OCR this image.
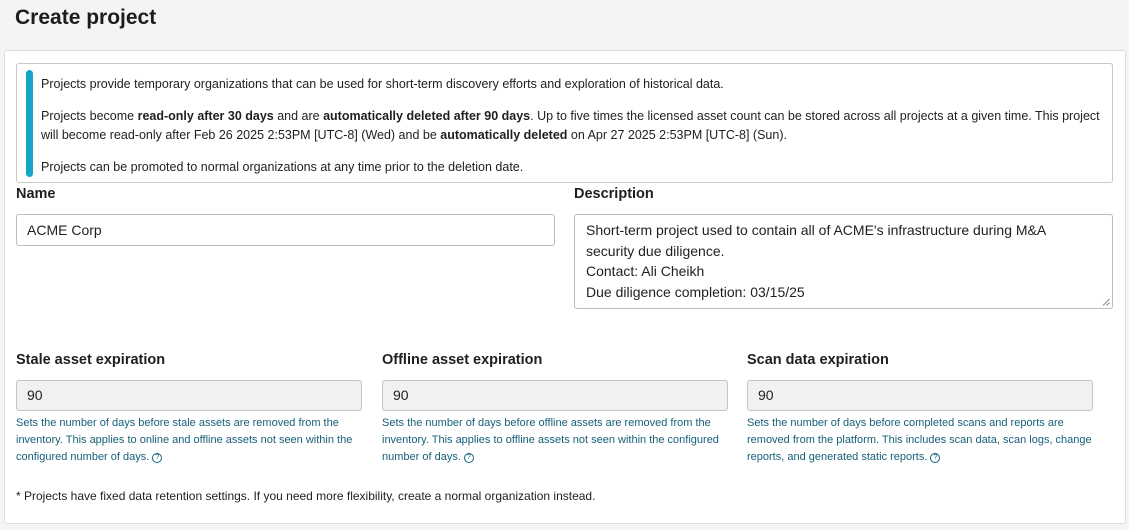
Create project

Projects provide temporary organizations that can be used for short-term discovery efforts and exploration of historical data.

Projects become read-only after 30 days and are automatically deleted after 90 days. Up to five times the licensed asset count can be stored across all projects at a given time. This project will become read-only after Feb 26 2025 2:53PM [UTC-8] (Wed) and be automatically deleted on Apr 27 2025 2:53PM [UTC-8] (Sun).

Projects can be promoted to normal organizations at any time prior to the deletion date.

Name
ACME Corp
Description
Short-term project used to contain all of ACME's infrastructure during M&A
security due diligence.
Contact: Ali Cheikh
Due diligence completion: 03/15/25
Stale asset expiration
90
Sets the number of days before stale assets are removed from the inventory. This applies to online and offline assets not seen within the configured number of days. ?
Offline asset expiration
90
Sets the number of days before offline assets are removed from the inventory. This applies to offline assets not seen within the configured number of days. ?
Scan data expiration
90
Sets the number of days before completed scans and reports are removed from the platform. This includes scan data, scan logs, change reports, and generated static reports. ?
* Projects have fixed data retention settings. If you need more flexibility, create a normal organization instead.
